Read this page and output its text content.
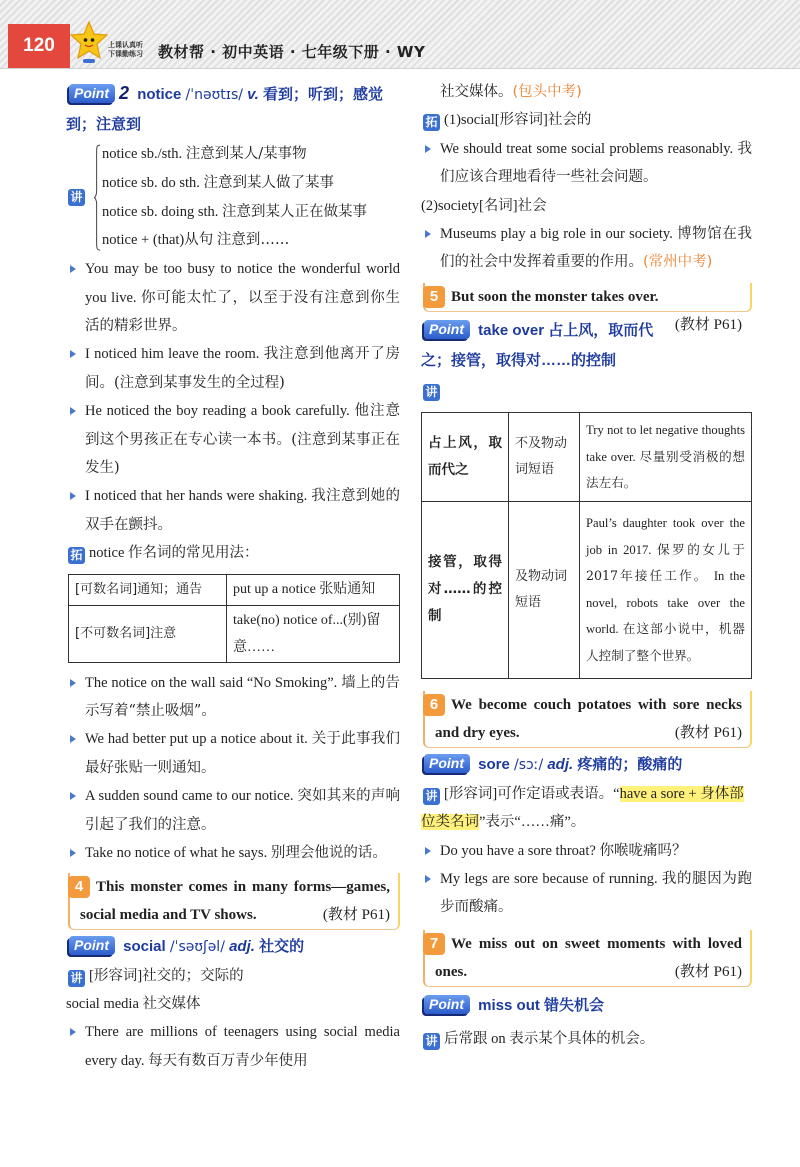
120	上课认真听
下课勤练习 教材帮 · 初中英语 · 七年级下册 · WY
Point 2 notice /ˈnəʊtɪs/ v. 看到；听到；感觉到；注意到
讲
notice sb./sth. 注意到某人/某事物
notice sb. do sth. 注意到某人做了某事
notice sb. doing sth. 注意到某人正在做某事
notice + (that)从句 注意到……
You may be too busy to notice the wonderful world you live. 你可能太忙了，以至于没有注意到你生活的精彩世界。
I noticed him leave the room. 我注意到他离开了房间。(注意到某事发生的全过程)
He noticed the boy reading a book carefully. 他注意到这个男孩正在专心读一本书。(注意到某事正在发生)
I noticed that her hands were shaking. 我注意到她的双手在颤抖。
拓 notice 作名词的常见用法：
[可数名词]通知；通告	put up a notice 张贴通知
[不可数名词]注意	take(no) notice of...(别)留意……
The notice on the wall said “No Smoking”. 墙上的告示写着“禁止吸烟”。
We had better put up a notice about it. 关于此事我们最好张贴一则通知。
A sudden sound came to our notice. 突如其来的声响引起了我们的注意。
Take no notice of what he says. 别理会他说的话。
4 This monster comes in many forms—games, social media and TV shows.	(教材 P61)
Point social /ˈsəʊʃəl/ adj. 社交的
讲 [形容词]社交的；交际的
social media 社交媒体
There are millions of teenagers using social media every day. 每天有数百万青少年使用
社交媒体。(包头中考)
拓 (1)social[形容词]社会的
We should treat some social problems reasonably. 我们应该合理地看待一些社会问题。
(2)society[名词]社会
Museums play a big role in our society. 博物馆在我们的社会中发挥着重要的作用。(常州中考)
5 But soon the monster takes over.

(教材 P61)
Point take over 占上风，取而代之；接管，取得对……的控制
讲
占上风，取而代之	不及物动词短语	Try not to let negative thoughts take over. 尽量别受消极的想法左右。
接管，取得对……的控制	及物动词短语	Paul’s daughter took over the job in 2017. 保罗的女儿于2017年接任工作。 In the novel, robots take over the world. 在这部小说中，机器人控制了整个世界。
6 We become couch potatoes with sore necks and dry eyes.	(教材 P61)
Point sore /sɔː/ adj. 疼痛的；酸痛的
讲 [形容词]可作定语或表语。“have a sore + 身体部位类名词”表示“……痛”。
Do you have a sore throat? 你喉咙痛吗？
My legs are sore because of running. 我的腿因为跑步而酸痛。
7 We miss out on sweet moments with loved ones.	(教材 P61)
Point miss out 错失机会
讲 后常跟 on 表示某个具体的机会。
